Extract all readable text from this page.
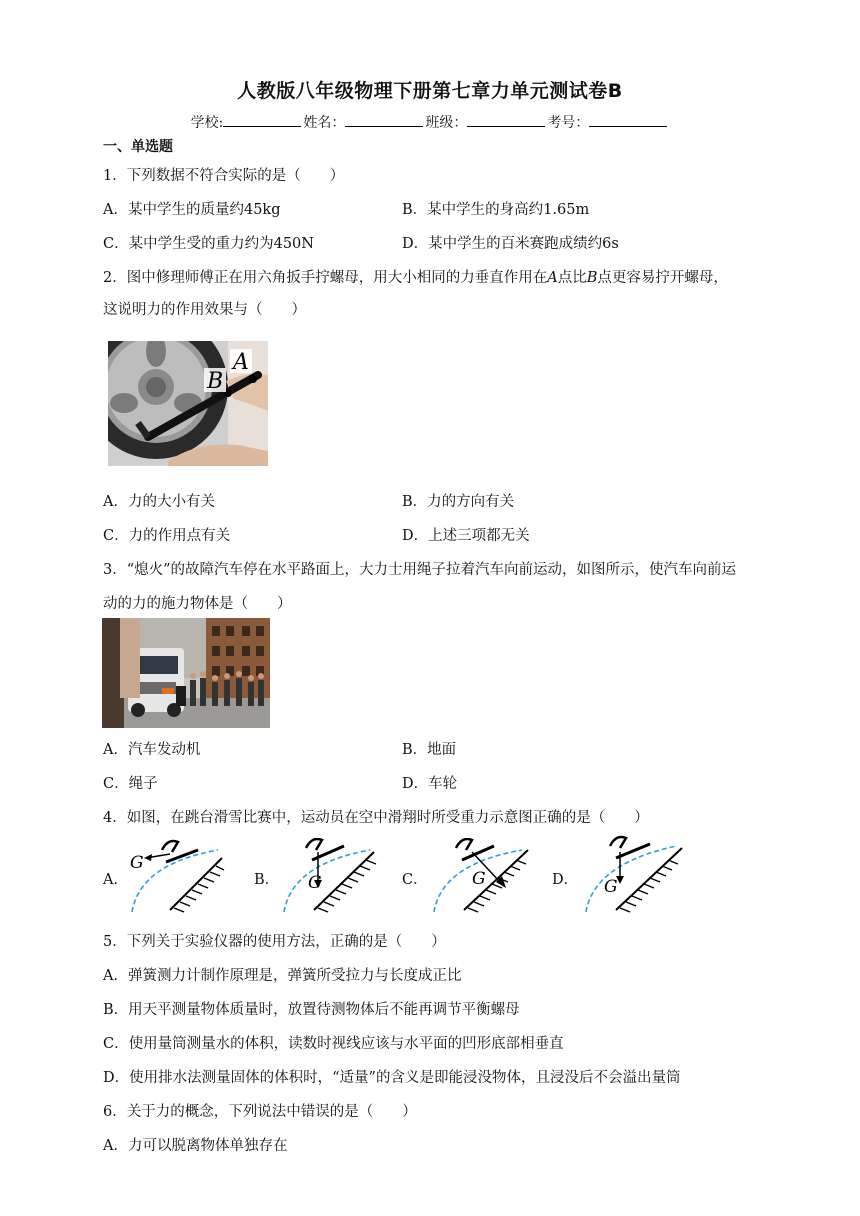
人教版八年级物理下册第七章力单元测试卷B
学校:	姓名：	班级：	考号：
一、单选题
1．下列数据不符合实际的是（　　）
A．某中学生的质量约45kg	B．某中学生的身高约1.65m
C．某中学生受的重力约为450N	D．某中学生的百米赛跑成绩约6s
2．图中修理师傅正在用六角扳手拧螺母，用大小相同的力垂直作用在A点比B点更容易拧开螺母，
这说明力的作用效果与（　　）
B
A
A．力的大小有关	B．力的方向有关
C．力的作用点有关	D．上述三项都无关
3．“熄火”的故障汽车停在水平路面上，大力士用绳子拉着汽车向前运动，如图所示，使汽车向前运
动的力的施力物体是（　　）
A．汽车发动机	B．地面
C．绳子	D．车轮
4．如图，在跳台滑雪比赛中，运动员在空中滑翔时所受重力示意图正确的是（　　）
A．
G
B． G	C．	G	D． G
5．下列关于实验仪器的使用方法，正确的是（　　）
A．弹簧测力计制作原理是，弹簧所受拉力与长度成正比
B．用天平测量物体质量时，放置待测物体后不能再调节平衡螺母
C．使用量筒测量水的体积，读数时视线应该与水平面的凹形底部相垂直
D．使用排水法测量固体的体积时，“适量”的含义是即能浸没物体，且浸没后不会溢出量筒
6．关于力的概念，下列说法中错误的是（　　）
A．力可以脱离物体单独存在
